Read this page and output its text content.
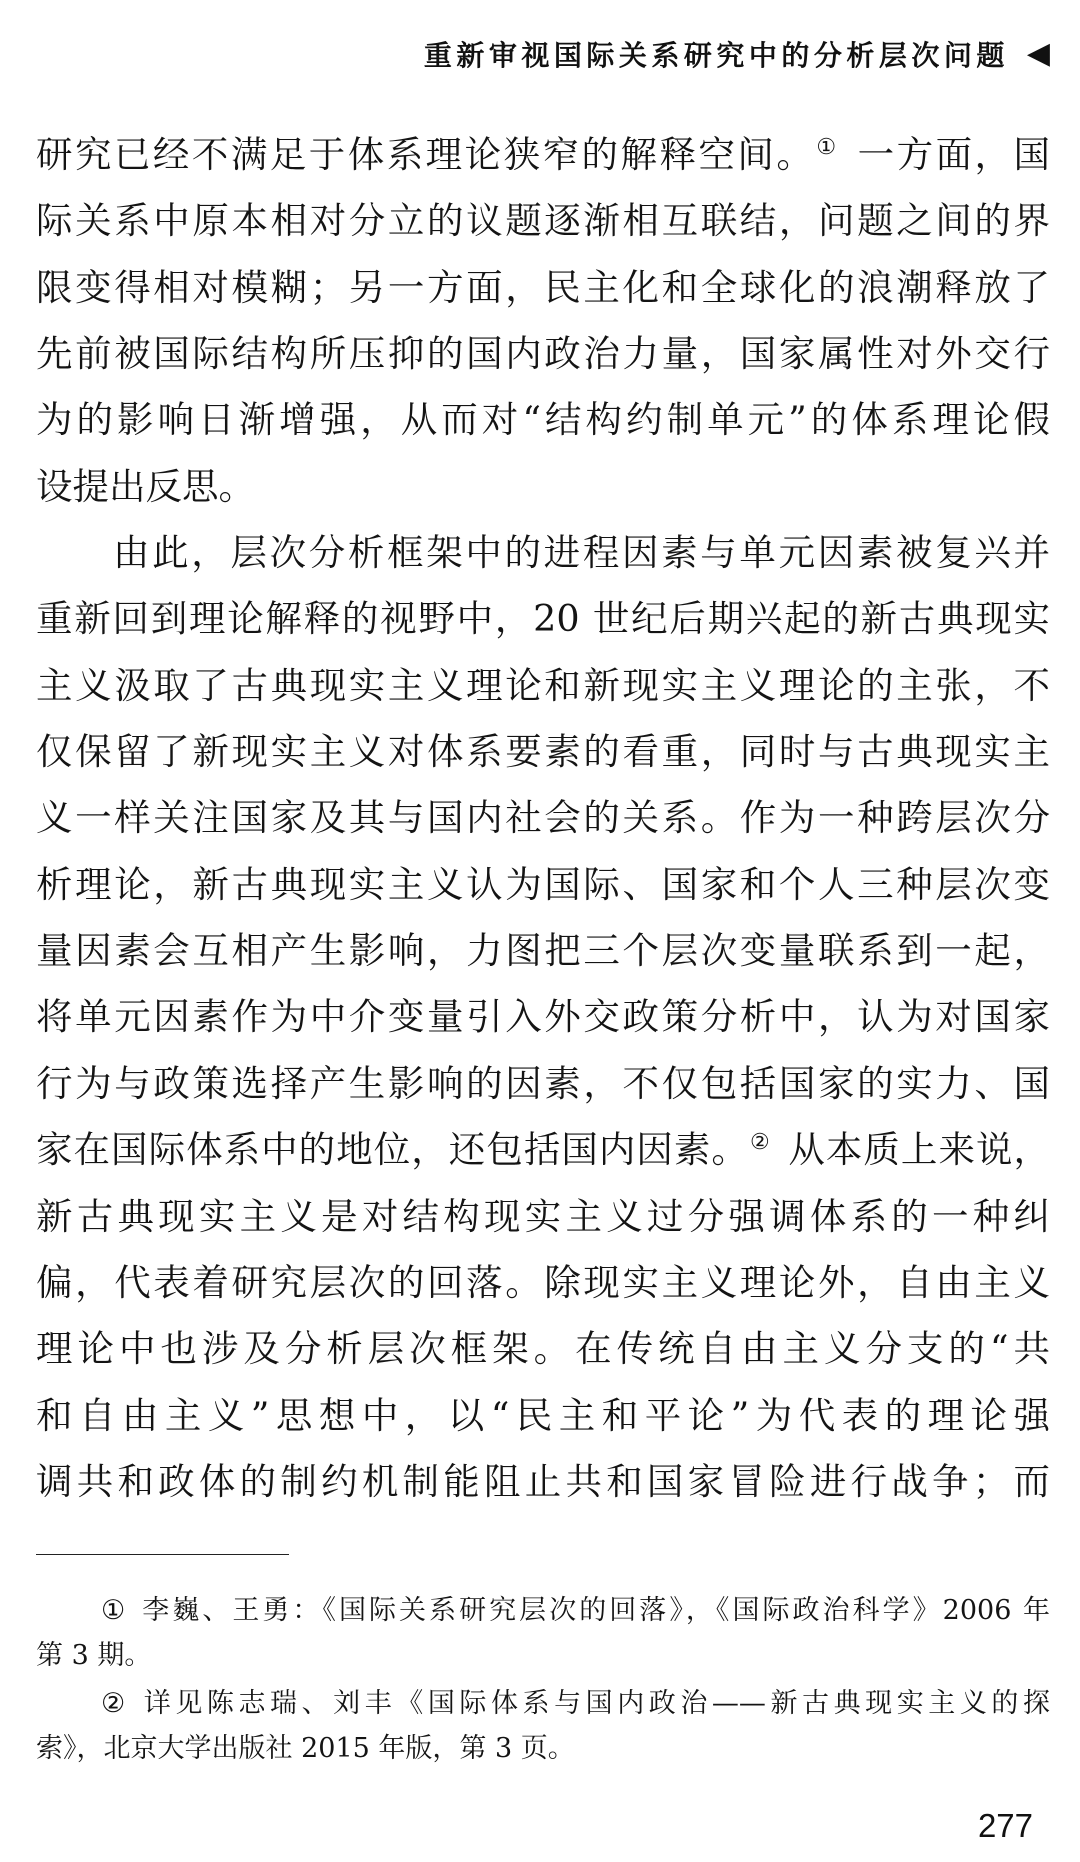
重新审视国际关系研究中的分析层次问题 ◀
研究已经不满足于体系理论狭窄的解释空间。① 一方面，国
际关系中原本相对分立的议题逐渐相互联结，问题之间的界
限变得相对模糊；另一方面，民主化和全球化的浪潮释放了
先前被国际结构所压抑的国内政治力量，国家属性对外交行
为的影响日渐增强，从而对“结构约制单元”的体系理论假
设提出反思。
由此，层次分析框架中的进程因素与单元因素被复兴并
重新回到理论解释的视野中，20 世纪后期兴起的新古典现实
主义汲取了古典现实主义理论和新现实主义理论的主张，不
仅保留了新现实主义对体系要素的看重，同时与古典现实主
义一样关注国家及其与国内社会的关系。作为一种跨层次分
析理论，新古典现实主义认为国际、国家和个人三种层次变
量因素会互相产生影响，力图把三个层次变量联系到一起，
将单元因素作为中介变量引入外交政策分析中，认为对国家
行为与政策选择产生影响的因素，不仅包括国家的实力、国
家在国际体系中的地位，还包括国内因素。② 从本质上来说，
新古典现实主义是对结构现实主义过分强调体系的一种纠
偏，代表着研究层次的回落。除现实主义理论外，自由主义
理论中也涉及分析层次框架。在传统自由主义分支的“共
和自由主义”思想中，以“民主和平论”为代表的理论强
调共和政体的制约机制能阻止共和国家冒险进行战争；而
① 李巍、王勇：《国际关系研究层次的回落》，《国际政治科学》2006 年
第 3 期。
② 详见陈志瑞、刘丰《国际体系与国内政治——新古典现实主义的探
索》，北京大学出版社 2015 年版，第 3 页。
277
